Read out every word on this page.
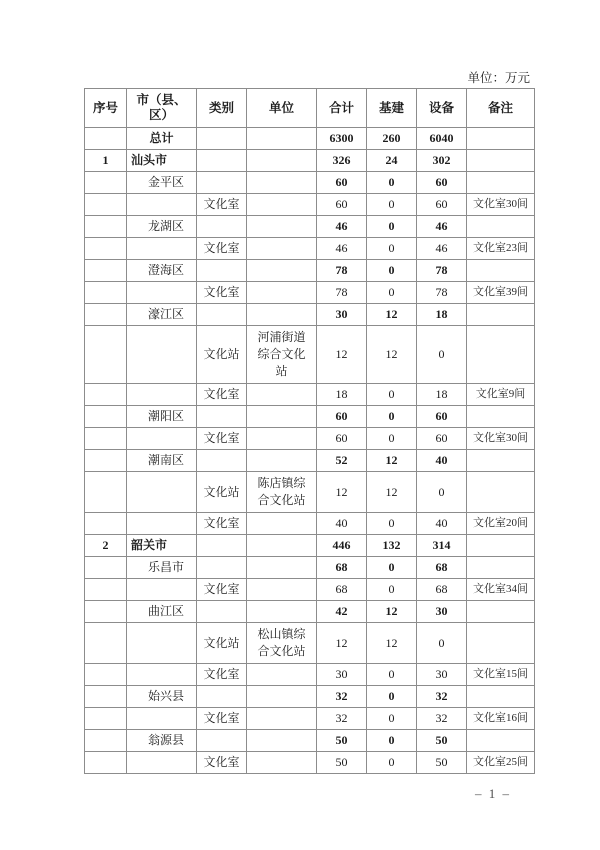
单位：万元
序号	市（县、区）	类别	单位	合计	基建	设备	备注
	总计			6300	260	6040	
1	汕头市			326	24	302	
	金平区			60	0	60	
		文化室		60	0	60	文化室30间
	龙湖区			46	0	46	
		文化室		46	0	46	文化室23间
	澄海区			78	0	78	
		文化室		78	0	78	文化室39间
	濠江区			30	12	18	
		文化站	河浦街道综合文化站	12	12	0	
		文化室		18	0	18	文化室9间
	潮阳区			60	0	60	
		文化室		60	0	60	文化室30间
	潮南区			52	12	40	
		文化站	陈店镇综合文化站	12	12	0	
		文化室		40	0	40	文化室20间
2	韶关市			446	132	314	
	乐昌市			68	0	68	
		文化室		68	0	68	文化室34间
	曲江区			42	12	30	
		文化站	松山镇综合文化站	12	12	0	
		文化室		30	0	30	文化室15间
	始兴县			32	0	32	
		文化室		32	0	32	文化室16间
	翁源县			50	0	50	
		文化室		50	0	50	文化室25间
– 1 –
